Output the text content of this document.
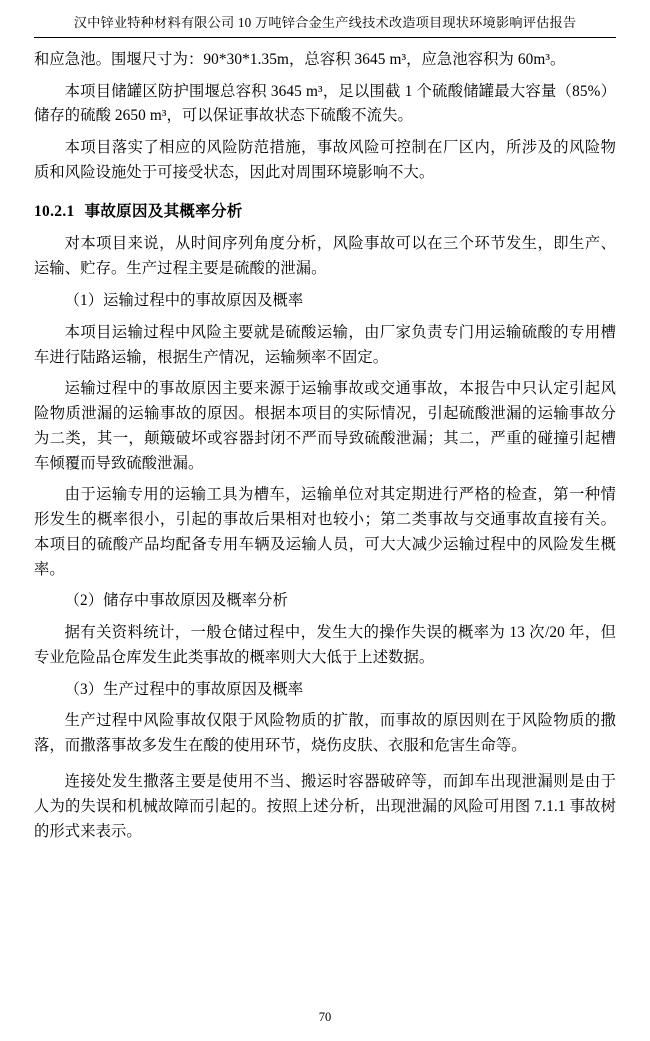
汉中锌业特种材料有限公司 10 万吨锌合金生产线技术改造项目现状环境影响评估报告

和应急池。围堰尺寸为：90*30*1.35m，总容积 3645 m³，应急池容积为 60m³。

本项目储罐区防护围堰总容积 3645 m³，足以围截 1 个硫酸储罐最大容量（85%）储存的硫酸 2650 m³，可以保证事故状态下硫酸不流失。

本项目落实了相应的风险防范措施，事故风险可控制在厂区内，所涉及的风险物质和风险设施处于可接受状态，因此对周围环境影响不大。

10.2.1 事故原因及其概率分析

对本项目来说，从时间序列角度分析，风险事故可以在三个环节发生，即生产、运输、贮存。生产过程主要是硫酸的泄漏。

（1）运输过程中的事故原因及概率

本项目运输过程中风险主要就是硫酸运输，由厂家负责专门用运输硫酸的专用槽车进行陆路运输，根据生产情况，运输频率不固定。

运输过程中的事故原因主要来源于运输事故或交通事故，本报告中只认定引起风险物质泄漏的运输事故的原因。根据本项目的实际情况，引起硫酸泄漏的运输事故分为二类，其一，颠簸破坏或容器封闭不严而导致硫酸泄漏；其二，严重的碰撞引起槽车倾覆而导致硫酸泄漏。

由于运输专用的运输工具为槽车，运输单位对其定期进行严格的检查，第一种情形发生的概率很小，引起的事故后果相对也较小；第二类事故与交通事故直接有关。本项目的硫酸产品均配备专用车辆及运输人员，可大大减少运输过程中的风险发生概率。

（2）储存中事故原因及概率分析

据有关资料统计，一般仓储过程中，发生大的操作失误的概率为 13 次/20 年，但专业危险品仓库发生此类事故的概率则大大低于上述数据。

（3）生产过程中的事故原因及概率

生产过程中风险事故仅限于风险物质的扩散，而事故的原因则在于风险物质的撒落，而撒落事故多发生在酸的使用环节，烧伤皮肤、衣服和危害生命等。

连接处发生撒落主要是使用不当、搬运时容器破碎等，而卸车出现泄漏则是由于人为的失误和机械故障而引起的。按照上述分析，出现泄漏的风险可用图 7.1.1 事故树的形式来表示。

70
